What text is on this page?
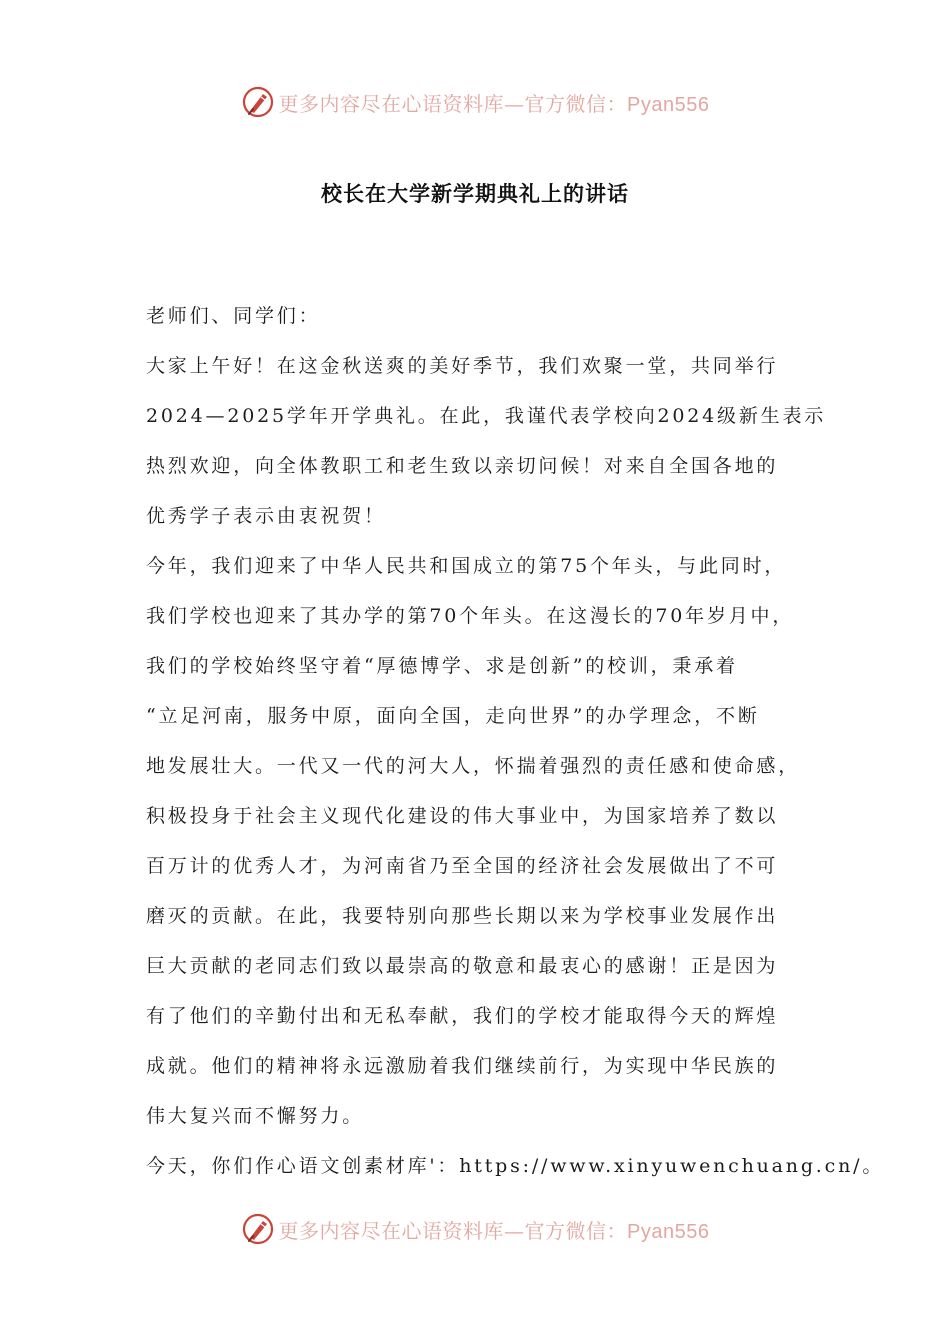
更多内容尽在心语资料库—官方微信：Pyan556
校长在大学新学期典礼上的讲话
老师们、同学们：
大家上午好！在这金秋送爽的美好季节，我们欢聚一堂，共同举行
2024—2025学年开学典礼。在此，我谨代表学校向2024级新生表示
热烈欢迎，向全体教职工和老生致以亲切问候！对来自全国各地的
优秀学子表示由衷祝贺！
今年，我们迎来了中华人民共和国成立的第75个年头，与此同时，
我们学校也迎来了其办学的第70个年头。在这漫长的70年岁月中，
我们的学校始终坚守着“厚德博学、求是创新”的校训，秉承着
“立足河南，服务中原，面向全国，走向世界”的办学理念，不断
地发展壮大。一代又一代的河大人，怀揣着强烈的责任感和使命感，
积极投身于社会主义现代化建设的伟大事业中，为国家培养了数以
百万计的优秀人才，为河南省乃至全国的经济社会发展做出了不可
磨灭的贡献。在此，我要特别向那些长期以来为学校事业发展作出
巨大贡献的老同志们致以最崇高的敬意和最衷心的感谢！正是因为
有了他们的辛勤付出和无私奉献，我们的学校才能取得今天的辉煌
成就。他们的精神将永远激励着我们继续前行，为实现中华民族的
伟大复兴而不懈努力。
今天，你们作心语文创素材库'：https://www.xinyuwenchuang.cn/。
更多内容尽在心语资料库—官方微信：Pyan556
